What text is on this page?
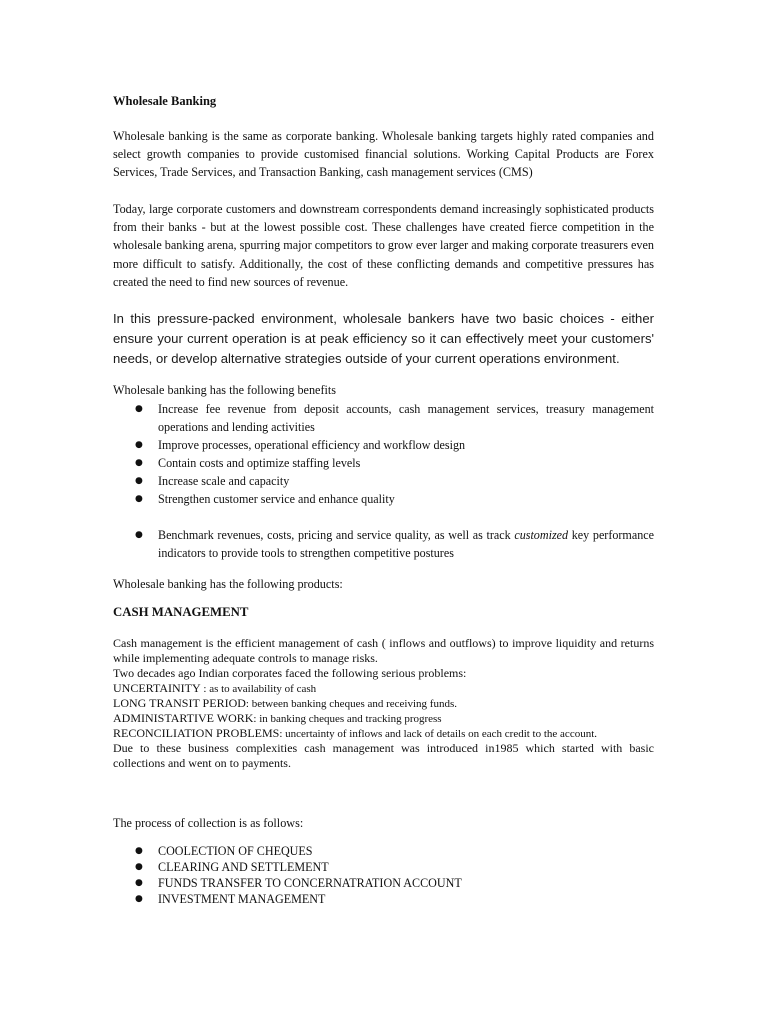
Wholesale Banking

Wholesale banking is the same as corporate banking. Wholesale banking targets highly rated companies and select growth companies to provide customised financial solutions. Working Capital Products are Forex Services, Trade Services, and Transaction Banking, cash management services (CMS)

Today, large corporate customers and downstream correspondents demand increasingly sophisticated products from their banks - but at the lowest possible cost. These challenges have created fierce competition in the wholesale banking arena, spurring major competitors to grow ever larger and making corporate treasurers even more difficult to satisfy. Additionally, the cost of these conflicting demands and competitive pressures has created the need to find new sources of revenue.

In this pressure-packed environment, wholesale bankers have two basic choices - either ensure your current operation is at peak efficiency so it can effectively meet your customers' needs, or develop alternative strategies outside of your current operations environment.

Wholesale banking has the following benefits

● Increase fee revenue from deposit accounts, cash management services, treasury management operations and lending activities
● Improve processes, operational efficiency and workflow design
● Contain costs and optimize staffing levels
● Increase scale and capacity
● Strengthen customer service and enhance quality
● Benchmark revenues, costs, pricing and service quality, as well as track customized key performance indicators to provide tools to strengthen competitive postures

Wholesale banking has the following products:

CASH MANAGEMENT

Cash management is the efficient management of cash ( inflows and outflows) to improve liquidity and returns while implementing adequate controls to manage risks.

Two decades ago Indian corporates faced the following serious problems:

UNCERTAINITY : as to availability of cash

LONG TRANSIT PERIOD: between banking cheques and receiving funds.

ADMINISTARTIVE WORK: in banking cheques and tracking progress

RECONCILIATION PROBLEMS: uncertainty of inflows and lack of details on each credit to the account.

Due to these business complexities cash management was introduced in1985 which started with basic collections and went on to payments.

The process of collection is as follows:

● COOLECTION OF CHEQUES
● CLEARING AND SETTLEMENT
● FUNDS TRANSFER TO CONCERNATRATION ACCOUNT
● INVESTMENT MANAGEMENT
